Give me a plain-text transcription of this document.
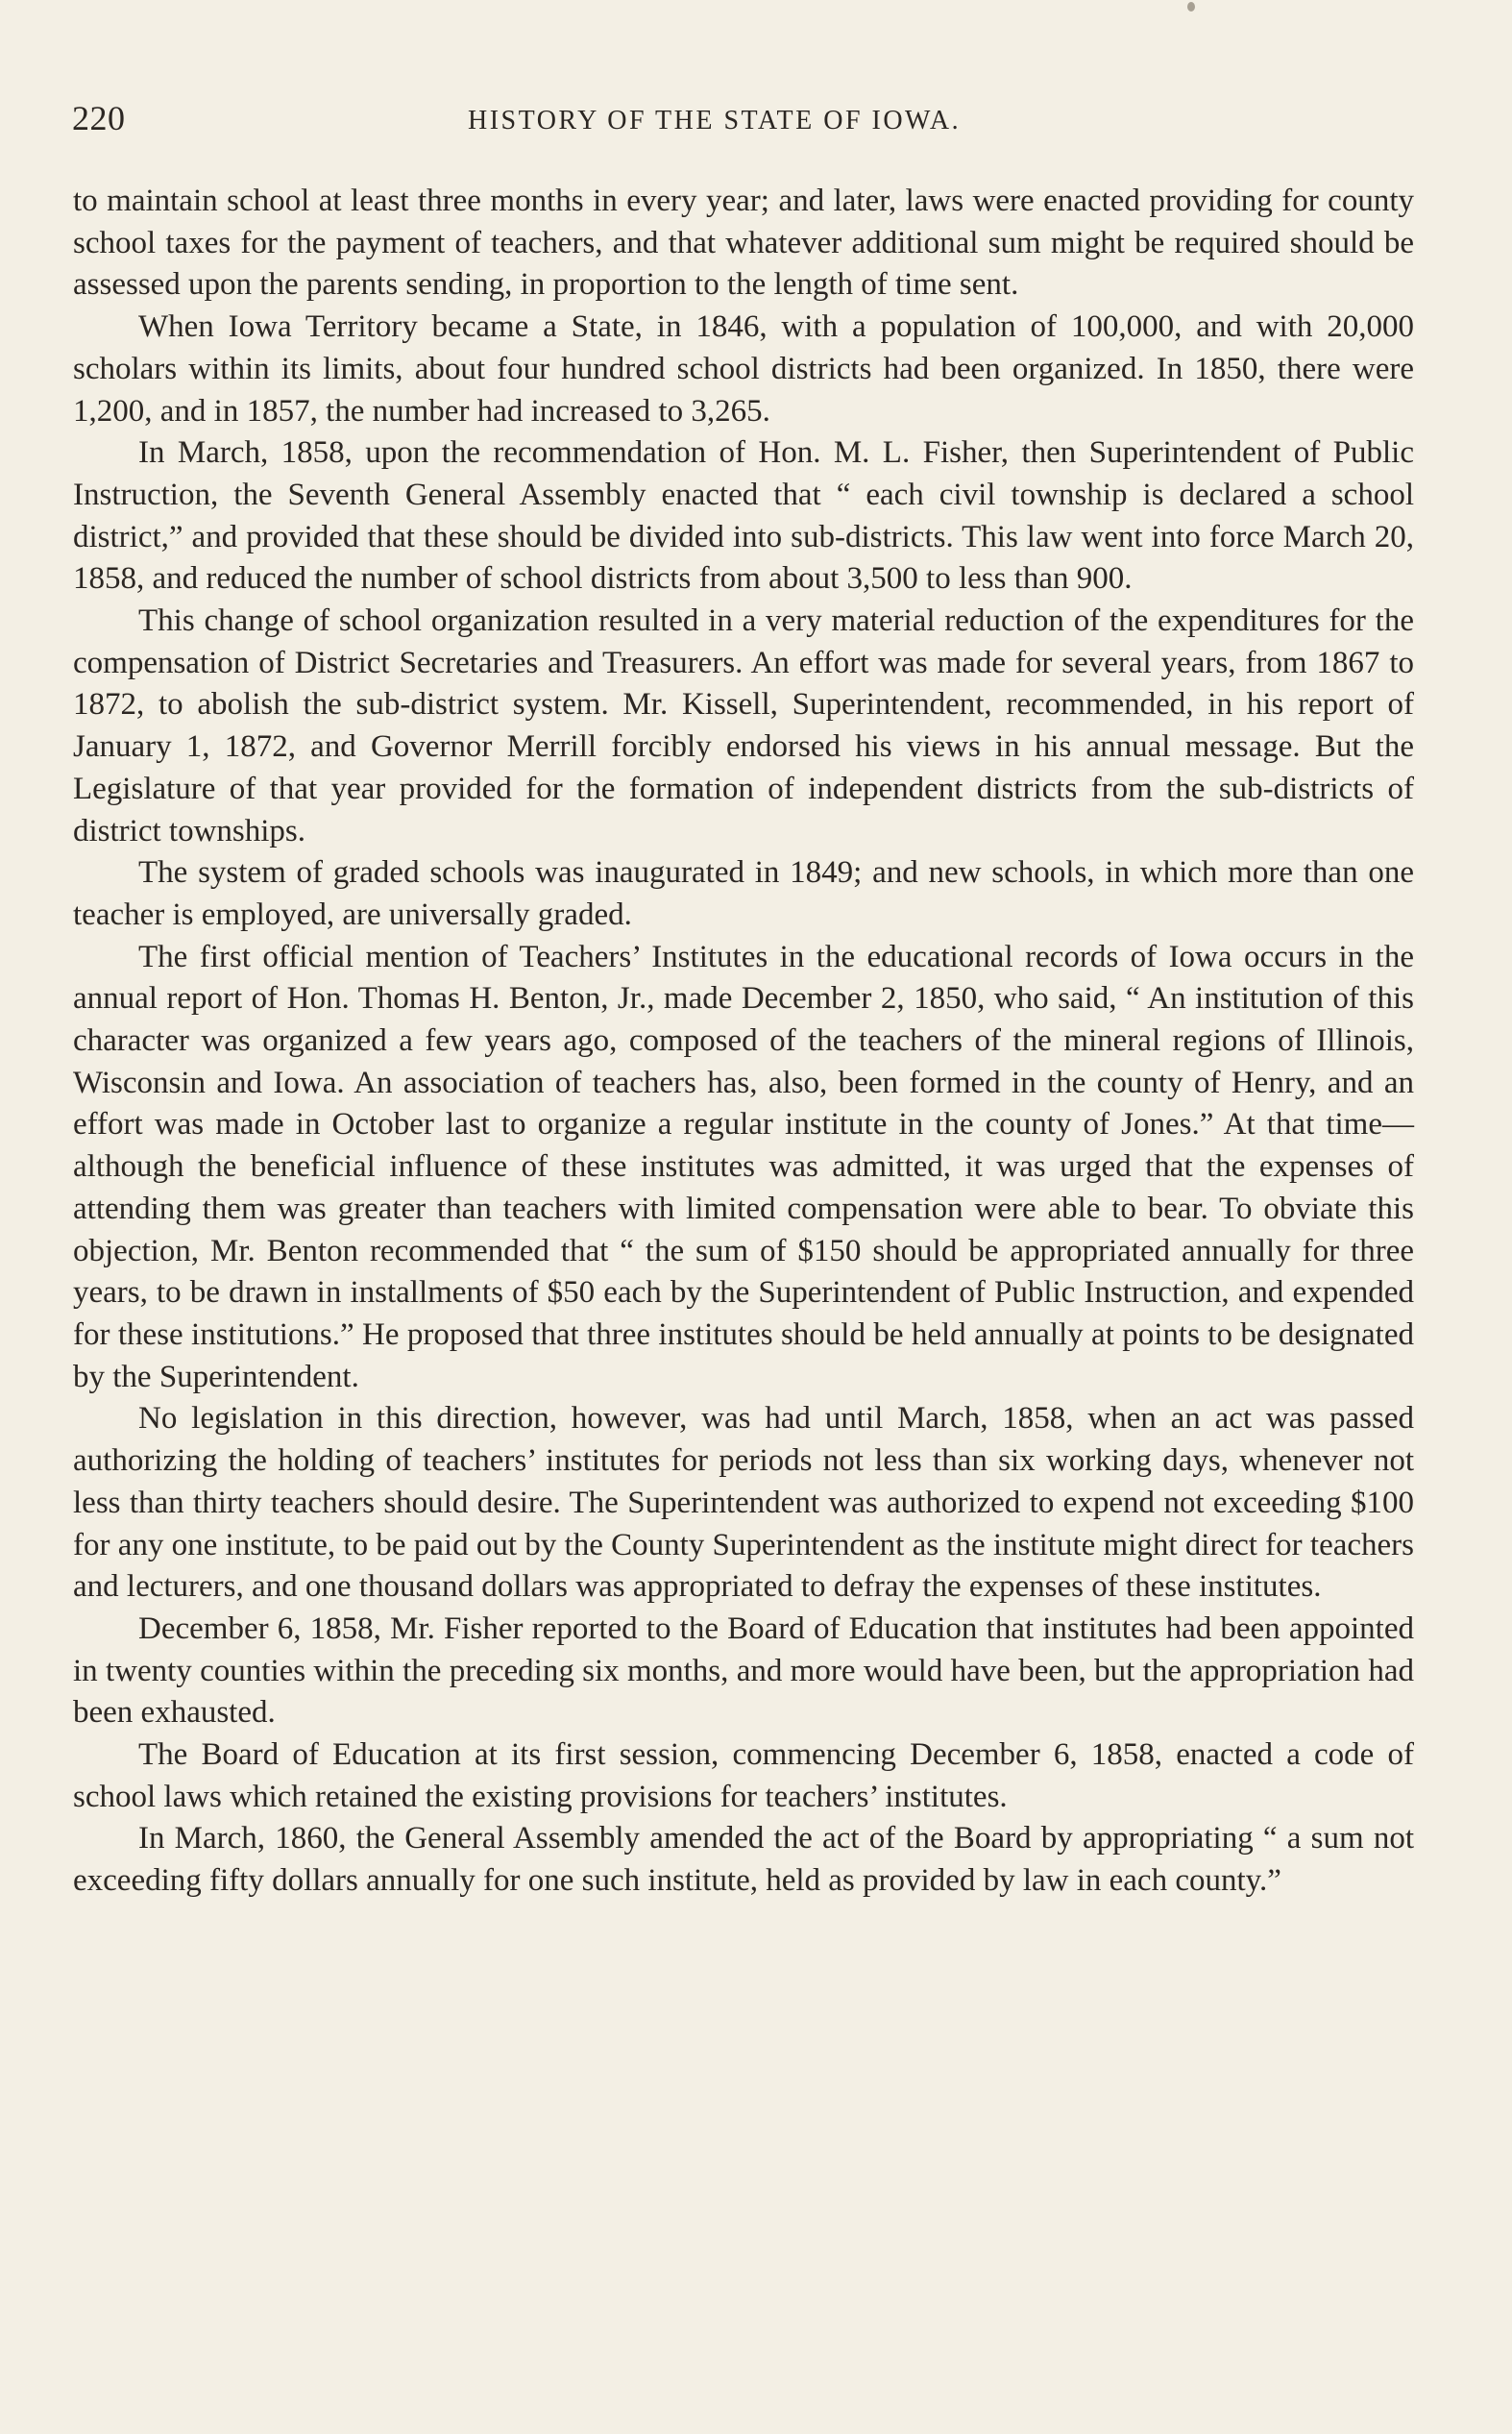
220	HISTORY OF THE STATE OF IOWA.

to maintain school at least three months in every year; and later, laws were enacted providing for county school taxes for the payment of teachers, and that whatever additional sum might be required should be assessed upon the parents sending, in proportion to the length of time sent.

When Iowa Territory became a State, in 1846, with a population of 100,000, and with 20,000 scholars within its limits, about four hundred school districts had been organized. In 1850, there were 1,200, and in 1857, the number had increased to 3,265.

In March, 1858, upon the recommendation of Hon. M. L. Fisher, then Superintendent of Public Instruction, the Seventh General Assembly enacted that “ each civil township is declared a school district,” and provided that these should be divided into sub-districts. This law went into force March 20, 1858, and reduced the number of school districts from about 3,500 to less than 900.

This change of school organization resulted in a very material reduction of the expenditures for the compensation of District Secretaries and Treasurers. An effort was made for several years, from 1867 to 1872, to abolish the sub-district system. Mr. Kissell, Superintendent, recommended, in his report of January 1, 1872, and Governor Merrill forcibly endorsed his views in his annual message. But the Legislature of that year provided for the formation of independent districts from the sub-districts of district townships.

The system of graded schools was inaugurated in 1849; and new schools, in which more than one teacher is employed, are universally graded.

The first official mention of Teachers’ Institutes in the educational records of Iowa occurs in the annual report of Hon. Thomas H. Benton, Jr., made December 2, 1850, who said, “ An institution of this character was organized a few years ago, composed of the teachers of the mineral regions of Illinois, Wisconsin and Iowa. An association of teachers has, also, been formed in the county of Henry, and an effort was made in October last to organize a regular institute in the county of Jones.” At that time—although the beneficial influence of these institutes was admitted, it was urged that the expenses of attending them was greater than teachers with limited compensation were able to bear. To obviate this objection, Mr. Benton recommended that “ the sum of $150 should be appropriated annually for three years, to be drawn in installments of $50 each by the Superintendent of Public Instruction, and expended for these institutions.” He proposed that three institutes should be held annually at points to be designated by the Superintendent.

No legislation in this direction, however, was had until March, 1858, when an act was passed authorizing the holding of teachers’ institutes for periods not less than six working days, whenever not less than thirty teachers should desire. The Superintendent was authorized to expend not exceeding $100 for any one institute, to be paid out by the County Superintendent as the institute might direct for teachers and lecturers, and one thousand dollars was appropriated to defray the expenses of these institutes.

December 6, 1858, Mr. Fisher reported to the Board of Education that institutes had been appointed in twenty counties within the preceding six months, and more would have been, but the appropriation had been exhausted.

The Board of Education at its first session, commencing December 6, 1858, enacted a code of school laws which retained the existing provisions for teachers’ institutes.

In March, 1860, the General Assembly amended the act of the Board by appropriating “ a sum not exceeding fifty dollars annually for one such institute, held as provided by law in each county.”
